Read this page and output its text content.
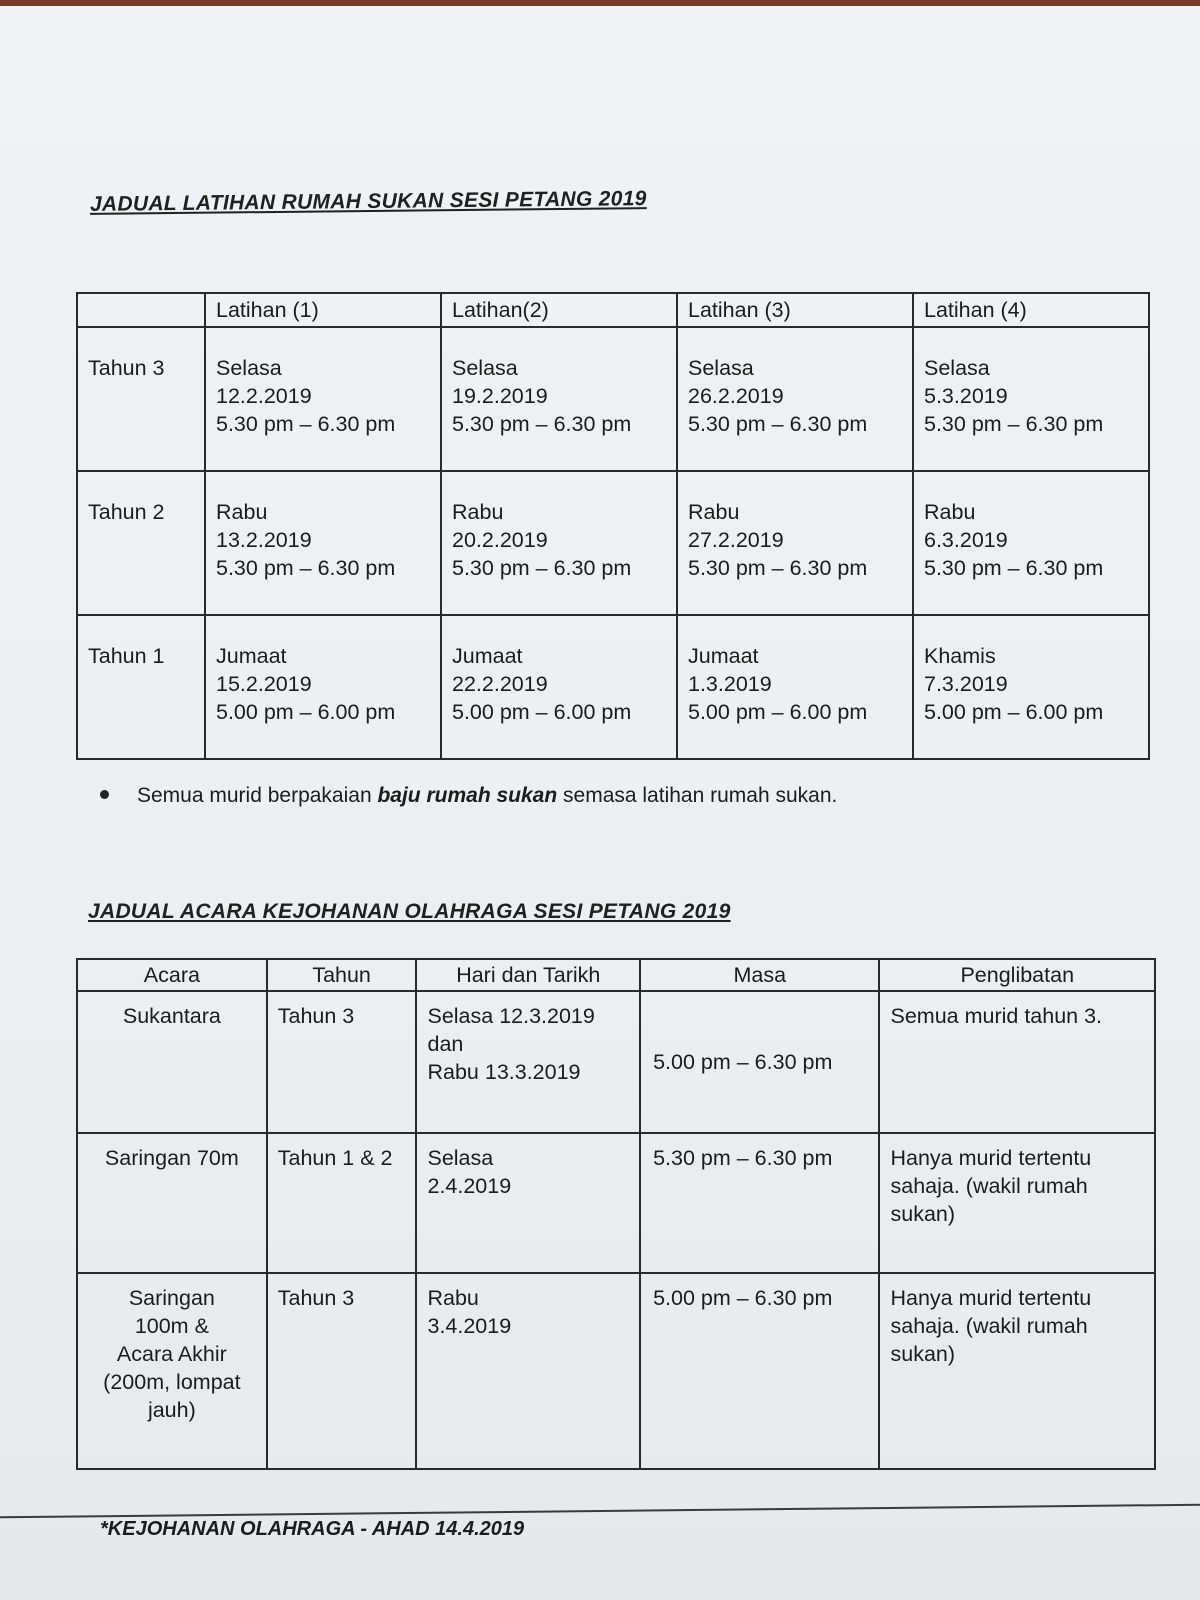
JADUAL LATIHAN RUMAH SUKAN SESI PETANG 2019
	Latihan (1)	Latihan(2)	Latihan (3)	Latihan (4)
Tahun 3	Selasa
12.2.2019
5.30 pm – 6.30 pm	Selasa
19.2.2019
5.30 pm – 6.30 pm	Selasa
26.2.2019
5.30 pm – 6.30 pm	Selasa
5.3.2019
5.30 pm – 6.30 pm

Tahun 2	Rabu
13.2.2019
5.30 pm – 6.30 pm	Rabu
20.2.2019
5.30 pm – 6.30 pm	Rabu
27.2.2019
5.30 pm – 6.30 pm	Rabu
6.3.2019
5.30 pm – 6.30 pm

Tahun 1	Jumaat
15.2.2019
5.00 pm – 6.00 pm	Jumaat
22.2.2019
5.00 pm – 6.00 pm	Jumaat
1.3.2019
5.00 pm – 6.00 pm	Khamis
7.3.2019
5.00 pm – 6.00 pm
Semua murid berpakaian baju rumah sukan semasa latihan rumah sukan.
JADUAL ACARA KEJOHANAN OLAHRAGA SESI PETANG 2019
Acara	Tahun	Hari dan Tarikh	Masa	Penglibatan

Sukantara	Tahun 3	Selasa 12.3.2019
dan
Rabu 13.3.2019	5.00 pm – 6.30 pm	Semua murid tahun 3.

Saringan 70m	Tahun 1 & 2	Selasa
2.4.2019	5.30 pm – 6.30 pm	Hanya murid tertentu
sahaja. (wakil rumah
sukan)

Saringan
100m &
Acara Akhir
(200m, lompat
jauh)	Tahun 3	Rabu
3.4.2019	5.00 pm – 6.30 pm	Hanya murid tertentu
sahaja. (wakil rumah
sukan)
*KEJOHANAN OLAHRAGA - AHAD 14.4.2019
